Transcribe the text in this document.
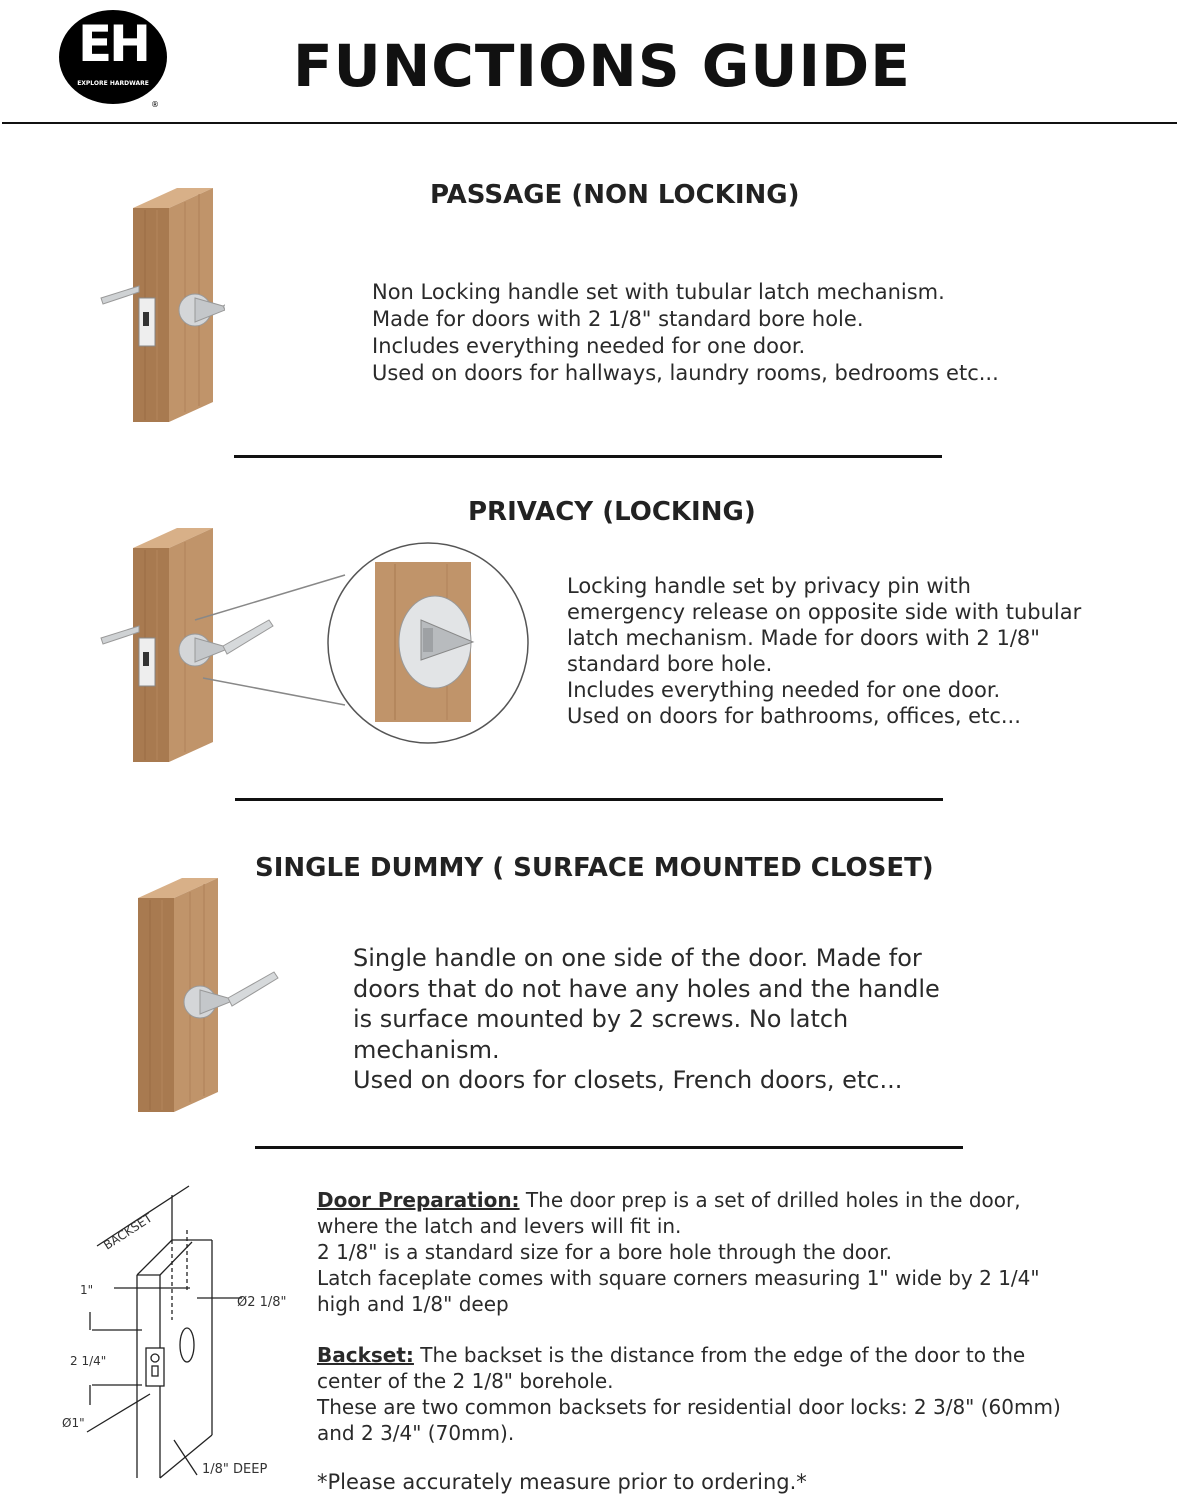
EH
EXPLORE HARDWARE
®
FUNCTIONS GUIDE
PASSAGE (NON LOCKING)
Non Locking handle set with tubular latch mechanism.
Made for doors with 2 1/8" standard bore hole.
Includes everything needed for one door.
Used on doors for hallways, laundry rooms, bedrooms etc...
PRIVACY (LOCKING)
Locking handle set by privacy pin with
emergency release on opposite side with tubular
latch mechanism. Made for doors with 2 1/8"
standard bore hole.
Includes everything needed for one door.
Used on doors for bathrooms, offices, etc...
SINGLE DUMMY ( SURFACE MOUNTED CLOSET)
Single handle on one side of the door. Made for
doors that do not have any holes and the handle
is surface mounted by 2 screws. No latch
mechanism.
Used on doors for closets, French doors, etc...
BACKSET
1"
Ø2 1/8"
2 1/4"
Ø1"
1/8" DEEP
Door Preparation: The door prep is a set of drilled holes in the door,
where the latch and levers will fit in.
2 1/8" is a standard size for a bore hole through the door.
Latch faceplate comes with square corners measuring 1" wide by 2 1/4"
high and 1/8" deep
Backset: The backset is the distance from the edge of the door to the
center of the 2 1/8" borehole.
These are two common backsets for residential door locks: 2 3/8" (60mm)
and 2 3/4" (70mm).
*Please accurately measure prior to ordering.*
